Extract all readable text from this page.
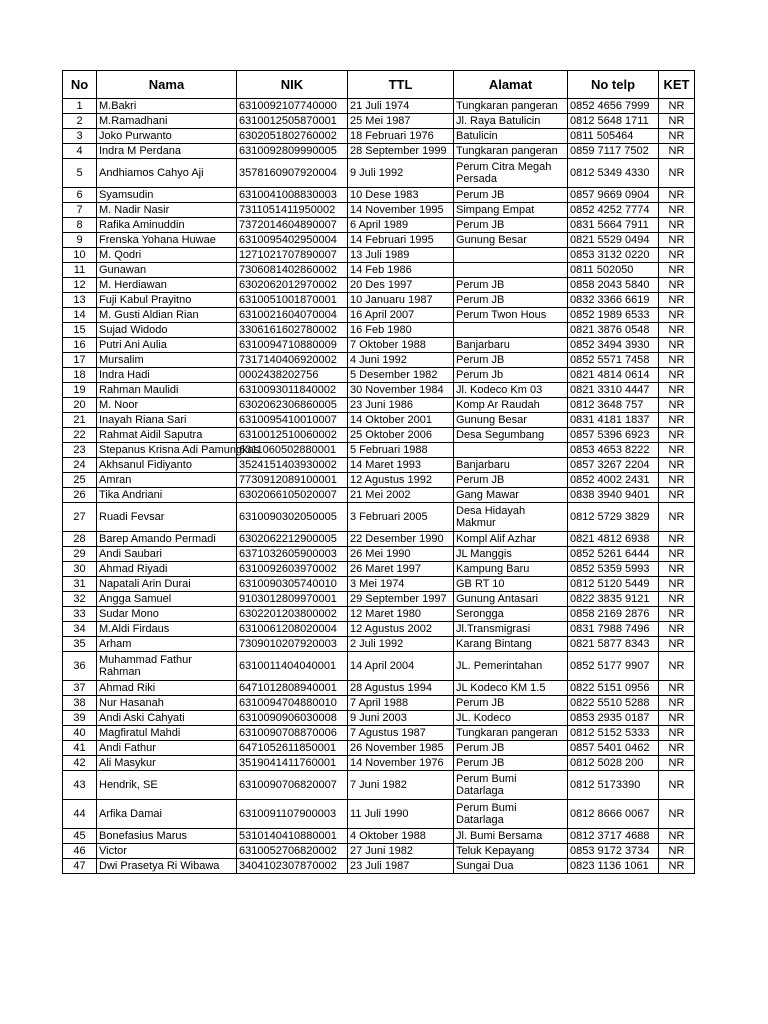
No	Nama	NIK	TTL	Alamat	No telp	KET
1	M.Bakri	6310092107740000	21 Juli 1974	Tungkaran pangeran	0852 4656 7999	NR
2	M.Ramadhani	6310012505870001	25 Mei 1987	Jl. Raya Batulicin	0812 5648 1711	NR
3	Joko Purwanto	6302051802760002	18 Februari 1976	Batulicin	0811 505464	NR
4	Indra M Perdana	6310092809990005	28 September 1999	Tungkaran pangeran	0859 7117 7502	NR
5	Andhiamos Cahyo Aji	3578160907920004	9 Juli 1992	Perum Citra Megah Persada	0812 5349 4330	NR
6	Syamsudin	6310041008830003	10 Dese 1983	Perum JB	0857 9669 0904	NR
7	M. Nadir Nasir	7311051411950002	14 November 1995	Simpang Empat	0852 4252 7774	NR
8	Rafika Aminuddin	7372014604890007	6 April 1989	Perum JB	0831 5664 7911	NR
9	Frenska Yohana Huwae	6310095402950004	14 Februari 1995	Gunung Besar	0821 5529 0494	NR
10	M. Qodri	1271021707890007	13 Juli 1989		0853 3132 0220	NR
11	Gunawan	7306081402860002	14 Feb 1986		0811 502050	NR
12	M. Herdiawan	6302062012970002	20 Des 1997	Perum JB	0858 2043 5840	NR
13	Fuji Kabul Prayitno	6310051001870001	10 Januaru 1987	Perum JB	0832 3366 6619	NR
14	M. Gusti Aldian Rian	6310021604070004	16 April 2007	Perum Twon Hous	0852 1989 6533	NR
15	Sujad Widodo	3306161602780002	16 Feb 1980		0821 3876 0548	NR
16	Putri Ani Aulia	6310094710880009	7 Oktober 1988	Banjarbaru	0852 3494 3930	NR
17	Mursalim	7317140406920002	4 Juni 1992	Perum JB	0852 5571 7458	NR
18	Indra Hadi	0002438202756	5 Desember 1982	Perum Jb	0821 4814 0614	NR
19	Rahman Maulidi	6310093011840002	30 November 1984	Jl. Kodeco Km 03	0821 3310 4447	NR
20	M. Noor	6302062306860005	23 Juni 1986	Komp Ar Raudah	0812 3648 757	NR
21	Inayah Riana Sari	6310095410010007	14 Oktober 2001	Gunung Besar	0831 4181 1837	NR
22	Rahmat Aidil Saputra	6310012510060002	25 Oktober 2006	Desa Segumbang	0857 5396 6923	NR
23	Stepanus Krisna Adi Pamungkas	6311060502880001	5 Februari 1988		0853 4653 8222	NR
24	Akhsanul Fidiyanto	3524151403930002	14 Maret 1993	Banjarbaru	0857 3267 2204	NR
25	Amran	7730912089100001	12 Agustus 1992	Perum JB	0852 4002 2431	NR
26	Tika Andriani	6302066105020007	21 Mei 2002	Gang Mawar	0838 3940 9401	NR
27	Ruadi Fevsar	6310090302050005	3 Februari 2005	Desa Hidayah Makmur	0812 5729 3829	NR
28	Barep Amando Permadi	6302062212900005	22 Desember 1990	Kompl Alif Azhar	0821 4812 6938	NR
29	Andi Saubari	6371032605900003	26 Mei 1990	JL Manggis	0852 5261 6444	NR
30	Ahmad Riyadi	6310092603970002	26 Maret 1997	Kampung Baru	0852 5359 5993	NR
31	Napatali Arin Durai	6310090305740010	3 Mei 1974	GB RT 10	0812 5120 5449	NR
32	Angga Samuel	9103012809970001	29 September 1997	Gunung Antasari	0822 3835 9121	NR
33	Sudar Mono	6302201203800002	12 Maret 1980	Serongga	0858 2169 2876	NR
34	M.Aldi Firdaus	6310061208020004	12 Agustus 2002	Jl.Transmigrasi	0831 7988 7496	NR
35	Arham	7309010207920003	2 Juli 1992	Karang Bintang	0821 5877 8343	NR
36	Muhammad Fathur Rahman	6310011404040001	14 April 2004	JL. Pemerintahan	0852 5177 9907	NR
37	Ahmad Riki	6471012808940001	28 Agustus 1994	JL Kodeco KM 1.5	0822 5151 0956	NR
38	Nur Hasanah	6310094704880010	7 April 1988	Perum JB	0822 5510 5288	NR
39	Andi Aski Cahyati	6310090906030008	9 Juni 2003	JL. Kodeco	0853 2935 0187	NR
40	Magfiratul Mahdi	6310090708870006	7 Agustus 1987	Tungkaran pangeran	0812 5152 5333	NR
41	Andi Fathur	6471052611850001	26 November 1985	Perum JB	0857 5401 0462	NR
42	Ali Masykur	3519041411760001	14 November 1976	Perum JB	0812 5028 200	NR
43	Hendrik, SE	6310090706820007	7 Juni 1982	Perum Bumi Datarlaga	0812 5173390	NR
44	Arfika Damai	6310091107900003	11 Juli 1990	Perum Bumi Datarlaga	0812 8666 0067	NR
45	Bonefasius Marus	5310140410880001	4 Oktober 1988	Jl. Bumi Bersama	0812 3717 4688	NR
46	Victor	6310052706820002	27 Juni 1982	Teluk Kepayang	0853 9172 3734	NR
47	Dwi Prasetya Ri Wibawa	3404102307870002	23 Juli 1987	Sungai Dua	0823 1136 1061	NR
